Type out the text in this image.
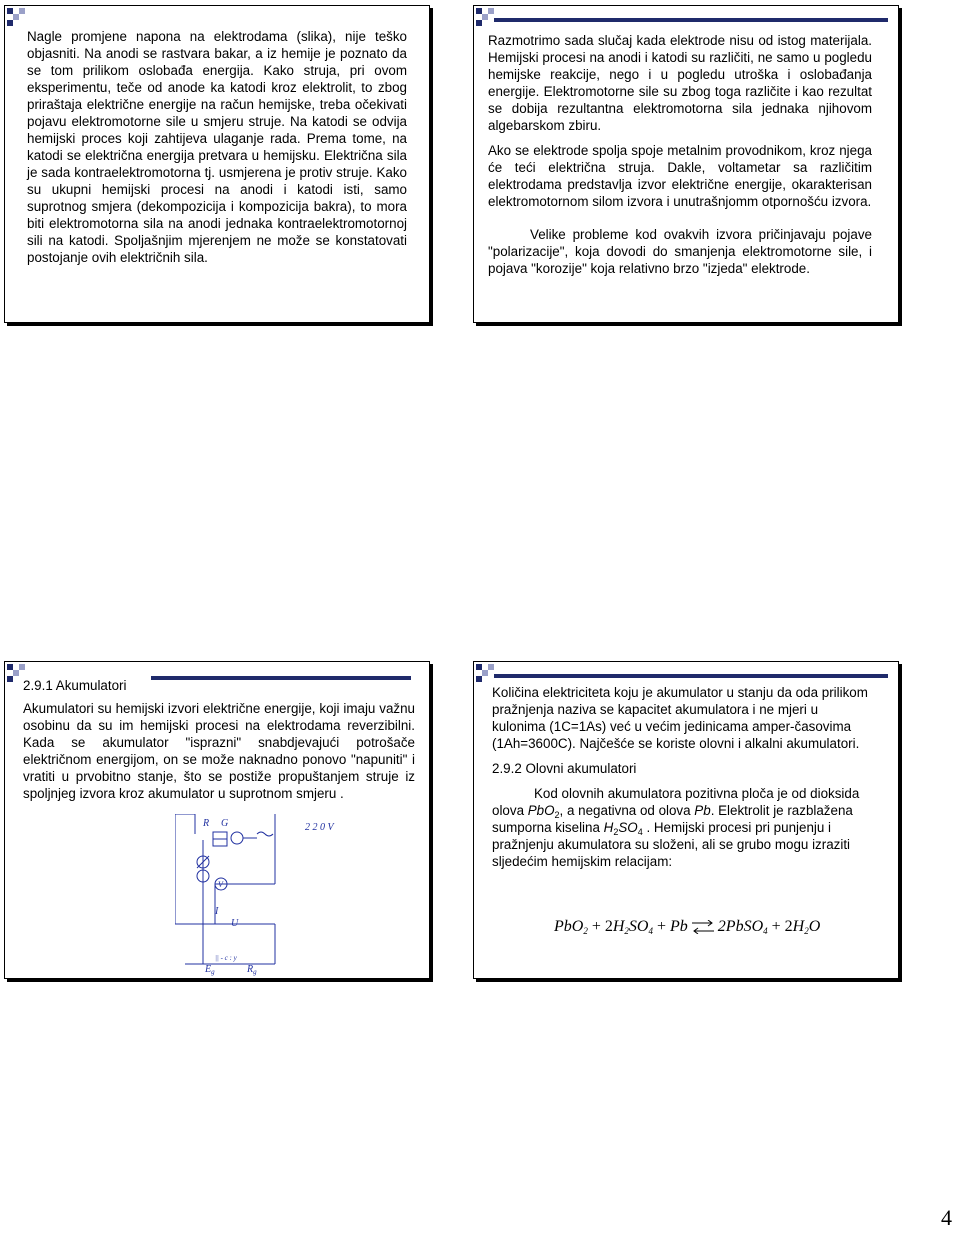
Nagle promjene napona na elektrodama (slika), nije teško objasniti. Na anodi se rastvara bakar, a iz hemije je poznato da se tom prilikom oslobađa energija. Kako struja, pri ovom eksperimentu, teče od anode ka katodi kroz elektrolit, to zbog priraštaja električne energije na račun hemijske, treba očekivati pojavu elektromotorne sile u smjeru struje. Na katodi se odvija hemijski proces koji zahtijeva ulaganje rada. Prema tome, na katodi se električna energija pretvara u hemijsku. Električna sila je sada kontraelektromotorna tj. usmjerena je protiv struje. Kako su ukupni hemijski procesi na anodi i katodi isti, samo suprotnog smjera (dekompozicija i kompozicija bakra), to mora biti elektromotorna sila na anodi jednaka kontraelektromotornoj sili na katodi. Spoljašnjim mjerenjem ne može se konstatovati postojanje ovih električnih sila.

Razmotrimo sada slučaj kada elektrode nisu od istog materijala. Hemijski procesi na anodi i katodi su različiti, ne samo u pogledu hemijske reakcije, nego i u pogledu utroška i oslobađanja energije. Elektromotorne sile su zbog toga različite i kao rezultat se dobija rezultantna elektromotorna sila jednaka njihovom algebarskom zbiru.

Ako se elektrode spolja spoje metalnim provodnikom, kroz njega će teći električna struja. Dakle, voltametar sa različitim elektrodama predstavlja izvor električne energije, okarakterisan elektromotornom silom izvora i unutrašnjomm otpornošću izvora.

Velike probleme kod ovakvih izvora pričinjavaju pojave "polarizacije", koja dovodi do smanjenja elektromotorne sile, i pojava "korozije" koja relativno brzo "izjeda" elektrode.

2.9.1 Akumulatori
Akumulatori su hemijski izvori električne energije, koji imaju važnu osobinu da su im hemijski procesi na elektrodama reverzibilni. Kada se akumulator "isprazni" snabdjevajući potrošače električnom energijom, on se može naknadno ponovo "napuniti" i vratiti u prvobitno stanje, što se postiže propuštanjem struje iz spoljnjeg izvora kroz akumulator u suprotnom smjeru .
R G	2 2 0 V
V
I
U
|| - c : y
$E_g$	$R_g$

Količina elektriciteta koju je akumulator u stanju da oda prilikom pražnjenja naziva se kapacitet akumulatora i ne mjeri u kulonima (1C=1As) već u većim jedinicama amper-časovima (1Ah=3600C). Najčešće se koriste olovni i alkalni akumulatori.

2.9.2 Olovni akumulatori

Kod olovnih akumulatora pozitivna ploča je od dioksida olova PbO$_2$, a negativna od olova Pb. Elektrolit je razblažena sumporna kiselina $H_2SO_4$ . Hemijski procesi pri punjenju i pražnjenju akumulatora su složeni, ali se grubo mogu izraziti sljedećim hemijskim relacijam:

$PbO_2 + 2H_2SO_4 + Pb$ ⇌ 2PbSO$_4$ + $2H_2O$
4
